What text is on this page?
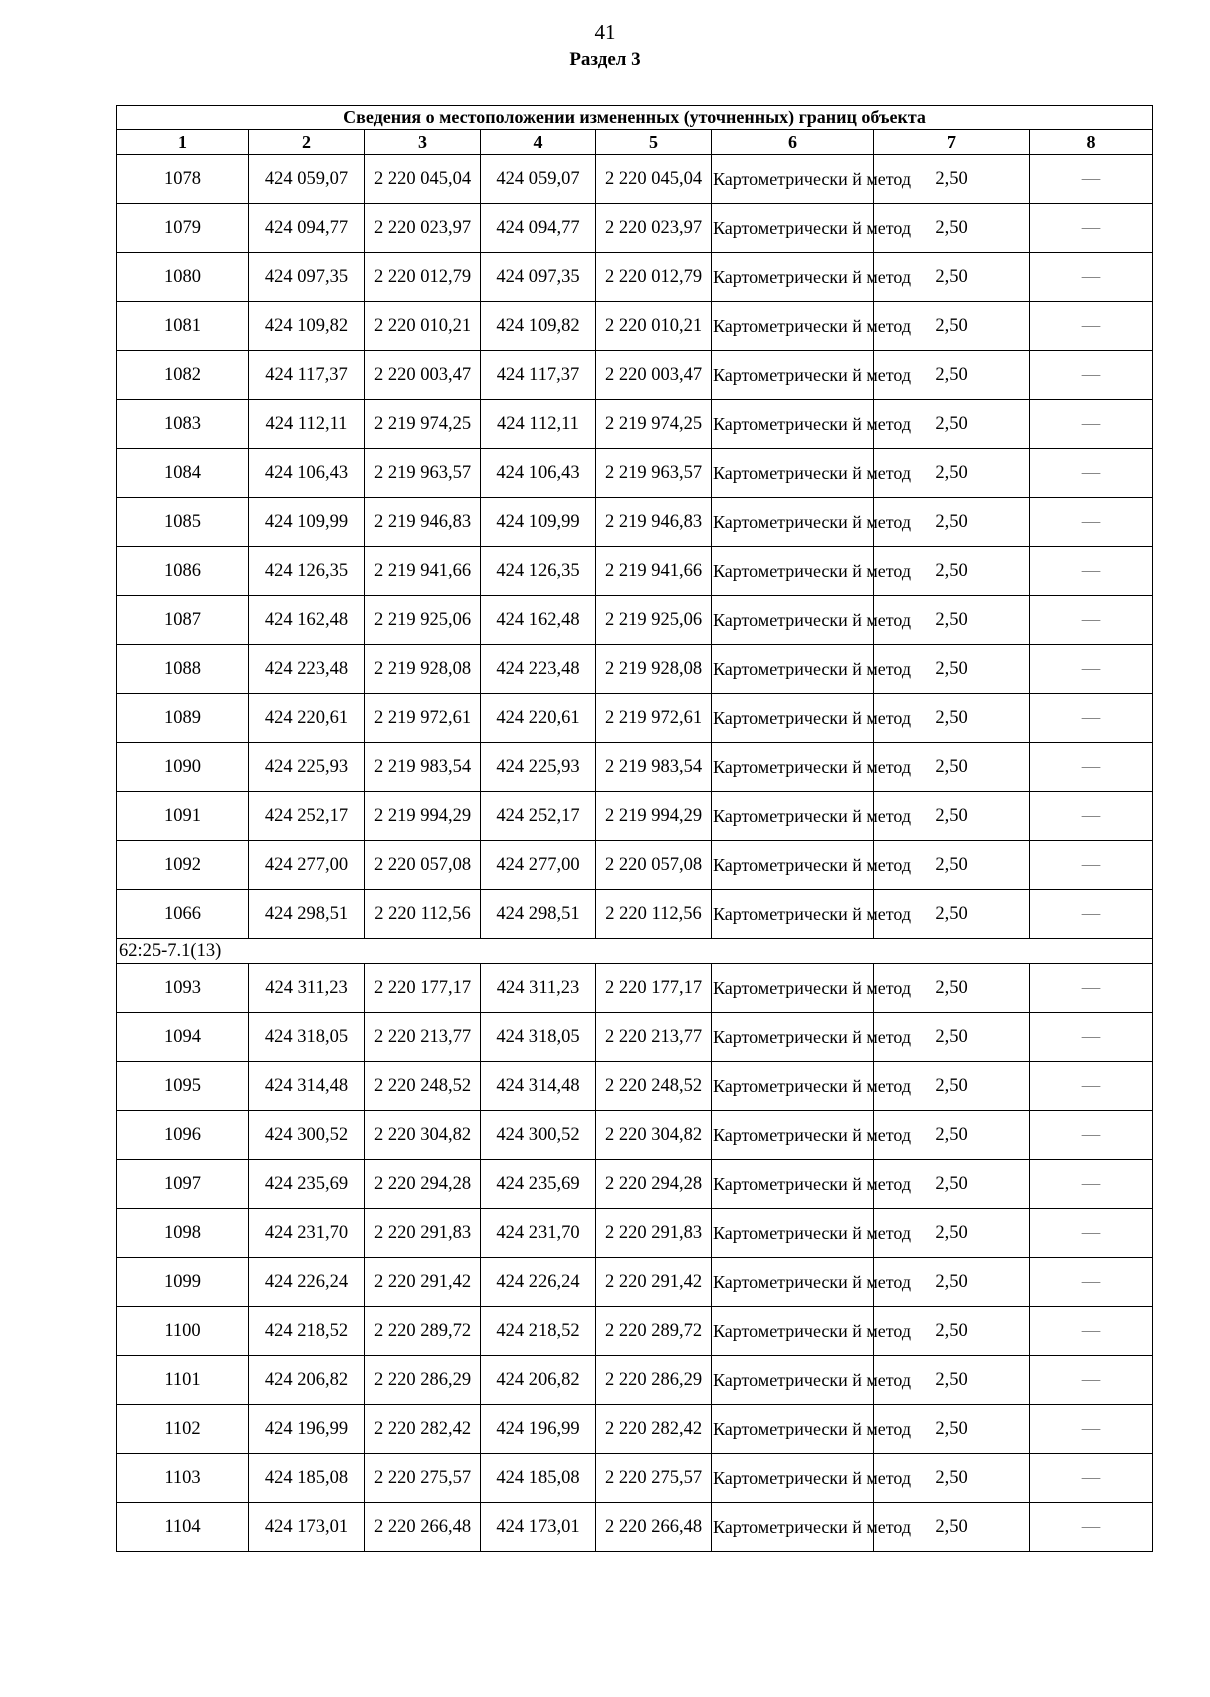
41
Раздел 3
Сведения о местоположении измененных (уточненных) границ объекта							
1	2	3	4	5	6	7	8
1078	424 059,07	2 220 045,04	424 059,07	2 220 045,04	Картометрически й метод	2,50	—
1079	424 094,77	2 220 023,97	424 094,77	2 220 023,97	Картометрически й метод	2,50	—
1080	424 097,35	2 220 012,79	424 097,35	2 220 012,79	Картометрически й метод	2,50	—
1081	424 109,82	2 220 010,21	424 109,82	2 220 010,21	Картометрически й метод	2,50	—
1082	424 117,37	2 220 003,47	424 117,37	2 220 003,47	Картометрически й метод	2,50	—
1083	424 112,11	2 219 974,25	424 112,11	2 219 974,25	Картометрически й метод	2,50	—
1084	424 106,43	2 219 963,57	424 106,43	2 219 963,57	Картометрически й метод	2,50	—
1085	424 109,99	2 219 946,83	424 109,99	2 219 946,83	Картометрически й метод	2,50	—
1086	424 126,35	2 219 941,66	424 126,35	2 219 941,66	Картометрически й метод	2,50	—
1087	424 162,48	2 219 925,06	424 162,48	2 219 925,06	Картометрически й метод	2,50	—
1088	424 223,48	2 219 928,08	424 223,48	2 219 928,08	Картометрически й метод	2,50	—
1089	424 220,61	2 219 972,61	424 220,61	2 219 972,61	Картометрически й метод	2,50	—
1090	424 225,93	2 219 983,54	424 225,93	2 219 983,54	Картометрически й метод	2,50	—
1091	424 252,17	2 219 994,29	424 252,17	2 219 994,29	Картометрически й метод	2,50	—
1092	424 277,00	2 220 057,08	424 277,00	2 220 057,08	Картометрически й метод	2,50	—
1066	424 298,51	2 220 112,56	424 298,51	2 220 112,56	Картометрически й метод	2,50	—
62:25-7.1(13)							
1093	424 311,23	2 220 177,17	424 311,23	2 220 177,17	Картометрически й метод	2,50	—
1094	424 318,05	2 220 213,77	424 318,05	2 220 213,77	Картометрически й метод	2,50	—
1095	424 314,48	2 220 248,52	424 314,48	2 220 248,52	Картометрически й метод	2,50	—
1096	424 300,52	2 220 304,82	424 300,52	2 220 304,82	Картометрически й метод	2,50	—
1097	424 235,69	2 220 294,28	424 235,69	2 220 294,28	Картометрически й метод	2,50	—
1098	424 231,70	2 220 291,83	424 231,70	2 220 291,83	Картометрически й метод	2,50	—
1099	424 226,24	2 220 291,42	424 226,24	2 220 291,42	Картометрически й метод	2,50	—
1100	424 218,52	2 220 289,72	424 218,52	2 220 289,72	Картометрически й метод	2,50	—
1101	424 206,82	2 220 286,29	424 206,82	2 220 286,29	Картометрически й метод	2,50	—
1102	424 196,99	2 220 282,42	424 196,99	2 220 282,42	Картометрически й метод	2,50	—
1103	424 185,08	2 220 275,57	424 185,08	2 220 275,57	Картометрически й метод	2,50	—
1104	424 173,01	2 220 266,48	424 173,01	2 220 266,48	Картометрически й метод	2,50	—
